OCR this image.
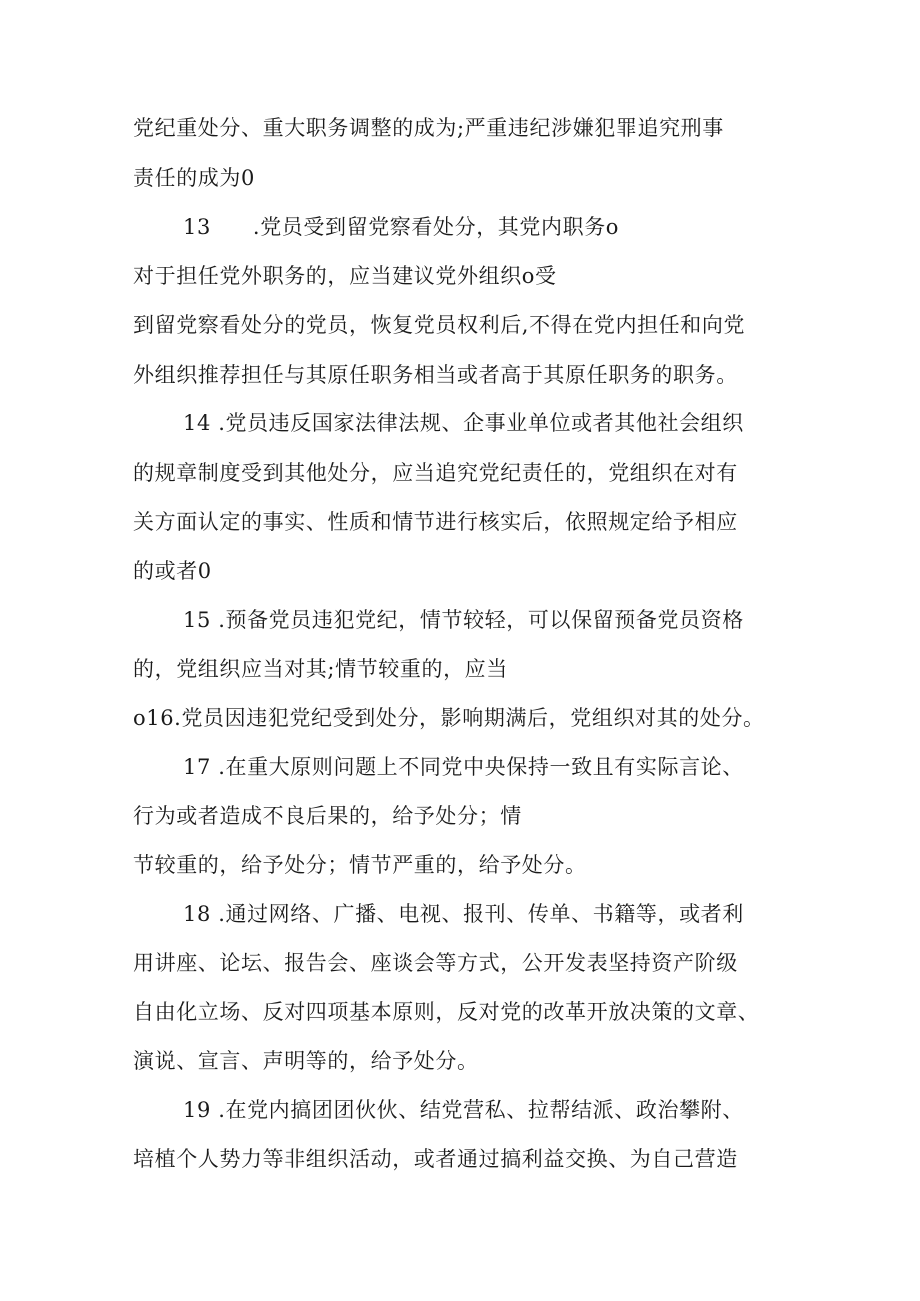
党纪重处分、重大职务调整的成为;严重违纪涉嫌犯罪追究刑事
责任的成为0
13 .党员受到留党察看处分，其党内职务o
对于担任党外职务的，应当建议党外组织o受
到留党察看处分的党员，恢复党员权利后,不得在党内担任和向党
外组织推荐担任与其原任职务相当或者高于其原任职务的职务。
14 .党员违反国家法律法规、企事业单位或者其他社会组织
的规章制度受到其他处分，应当追究党纪责任的，党组织在对有
关方面认定的事实、性质和情节进行核实后，依照规定给予相应
的或者0
15 .预备党员违犯党纪，情节较轻，可以保留预备党员资格
的，党组织应当对其;情节较重的，应当
o16.党员因违犯党纪受到处分，影响期满后，党组织对其的处分。
17 .在重大原则问题上不同党中央保持一致且有实际言论、
行为或者造成不良后果的，给予处分；情
节较重的，给予处分；情节严重的，给予处分。
18 .通过网络、广播、电视、报刊、传单、书籍等，或者利
用讲座、论坛、报告会、座谈会等方式，公开发表坚持资产阶级
自由化立场、反对四项基本原则，反对党的改革开放决策的文章、
演说、宣言、声明等的，给予处分。
19 .在党内搞团团伙伙、结党营私、拉帮结派、政治攀附、
培植个人势力等非组织活动，或者通过搞利益交换、为自己营造
